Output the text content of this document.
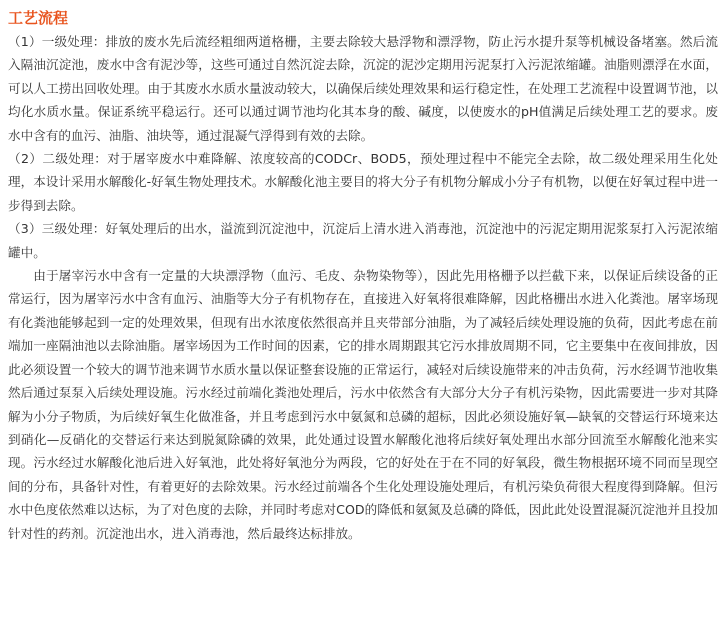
工艺流程

（1）一级处理：排放的废水先后流经粗细两道格栅，主要去除较大悬浮物和漂浮物，防止污水提升泵等机械设备堵塞。然后流入隔油沉淀池，废水中含有泥沙等，这些可通过自然沉淀去除，沉淀的泥沙定期用污泥泵打入污泥浓缩罐。油脂则漂浮在水面，可以人工捞出回收处理。由于其废水水质水量波动较大，以确保后续处理效果和运行稳定性，在处理工艺流程中设置调节池，以均化水质水量。保证系统平稳运行。还可以通过调节池均化其本身的酸、碱度，以使废水的pH值满足后续处理工艺的要求。废水中含有的血污、油脂、油块等，通过混凝气浮得到有效的去除。

（2）二级处理：对于屠宰废水中难降解、浓度较高的CODCr、BOD5，预处理过程中不能完全去除，故二级处理采用生化处理，本设计采用水解酸化-好氧生物处理技术。水解酸化池主要目的将大分子有机物分解成小分子有机物，以便在好氧过程中进一步得到去除。

（3）三级处理：好氧处理后的出水，溢流到沉淀池中，沉淀后上清水进入消毒池，沉淀池中的污泥定期用泥浆泵打入污泥浓缩罐中。

由于屠宰污水中含有一定量的大块漂浮物（血污、毛皮、杂物染物等），因此先用格栅予以拦截下来，以保证后续设备的正常运行，因为屠宰污水中含有血污、油脂等大分子有机物存在，直接进入好氧将很难降解，因此格栅出水进入化粪池。屠宰场现有化粪池能够起到一定的处理效果，但现有出水浓度依然很高并且夹带部分油脂，为了减轻后续处理设施的负荷，因此考虑在前端加一座隔油池以去除油脂。屠宰场因为工作时间的因素，它的排水周期跟其它污水排放周期不同，它主要集中在夜间排放，因此必须设置一个较大的调节池来调节水质水量以保证整套设施的正常运行，减轻对后续设施带来的冲击负荷，污水经调节池收集然后通过泵泵入后续处理设施。污水经过前端化粪池处理后，污水中依然含有大部分大分子有机污染物，因此需要进一步对其降解为小分子物质，为后续好氧生化做准备，并且考虑到污水中氨氮和总磷的超标，因此必须设施好氧—缺氧的交替运行环境来达到硝化—反硝化的交替运行来达到脱氮除磷的效果，此处通过设置水解酸化池将后续好氧处理出水部分回流至水解酸化池来实现。污水经过水解酸化池后进入好氧池，此处将好氧池分为两段，它的好处在于在不同的好氧段，微生物根据环境不同而呈现空间的分布，具备针对性，有着更好的去除效果。污水经过前端各个生化处理设施处理后，有机污染负荷很大程度得到降解。但污水中色度依然难以达标，为了对色度的去除，并同时考虑对COD的降低和氨氮及总磷的降低，因此此处设置混凝沉淀池并且投加针对性的药剂。沉淀池出水，进入消毒池，然后最终达标排放。
